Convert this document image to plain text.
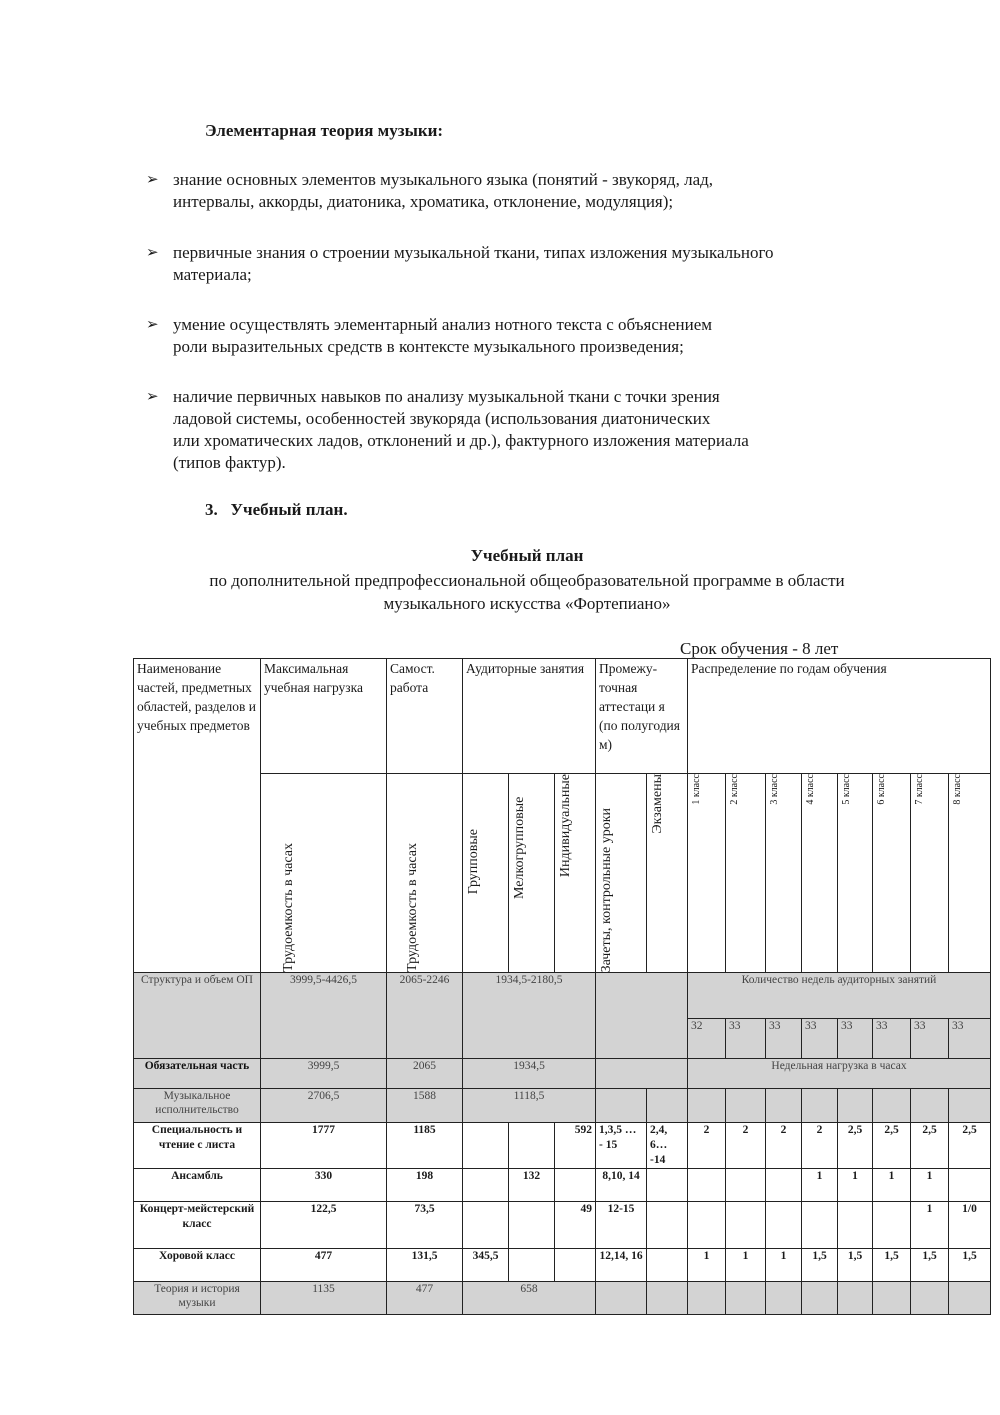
Элементарная теория музыки:
➢ знание основных элементов музыкального языка (понятий - звукоряд, лад,
интервалы, аккорды, диатоника, хроматика, отклонение, модуляция);
➢ первичные знания о строении музыкальной ткани, типах изложения музыкального
материала;
➢ умение осуществлять элементарный анализ нотного текста с объяснением
роли выразительных средств в контексте музыкального произведения;
➢ наличие первичных навыков по анализу музыкальной ткани с точки зрения
ладовой системы, особенностей звукоряда (использования диатонических
или хроматических ладов, отклонений и др.), фактурного изложения материала
(типов фактур).
3.   Учебный план.
Учебный план
по дополнительной предпрофессиональной общеобразовательной программе в области
музыкального искусства «Фортепиано»
Срок обучения - 8 лет
Наименование частей, предметных областей, разделов и учебных предметов	Максимальная учебная нагрузка	Самост. работа	Аудиторные занятия			Промежу-точная аттестаци я (по полугодия м)		Распределение по годам обучения							

	Трудоемкость в часах	Трудоемкость в часах	Групповые	Мелкогрупповые	Индивидуальные	Зачеты, контрольные уроки	Экзамены	1 класс	2 класс	3 класс	4 класс	5 класс	6 класс	7 класс	8 класс

Структура и объем ОП	3999,5-4426,5	2065-2246	1934,5-2180,5					Количество недель аудиторных занятий							
								32	33	33	33	33	33	33	33
Обязательная часть	3999,5	2065	1934,5					Недельная нагрузка в часах							
Музыкальное исполнительство	2706,5	1588	1118,5												
Специальность и чтение с листа	1777	1185			592	1,3,5 … - 15	2,4, 6… -14	2	2	2	2	2,5	2,5	2,5	2,5
Ансамбль	330	198		132		8,10, 14					1	1	1	1	
Концерт-мейстерский класс	122,5	73,5			49	12-15								1	1/0
Хоровой класс	477	131,5	345,5			12,14, 16		1	1	1	1,5	1,5	1,5	1,5	1,5
Теория и история музыки	1135	477	658												
